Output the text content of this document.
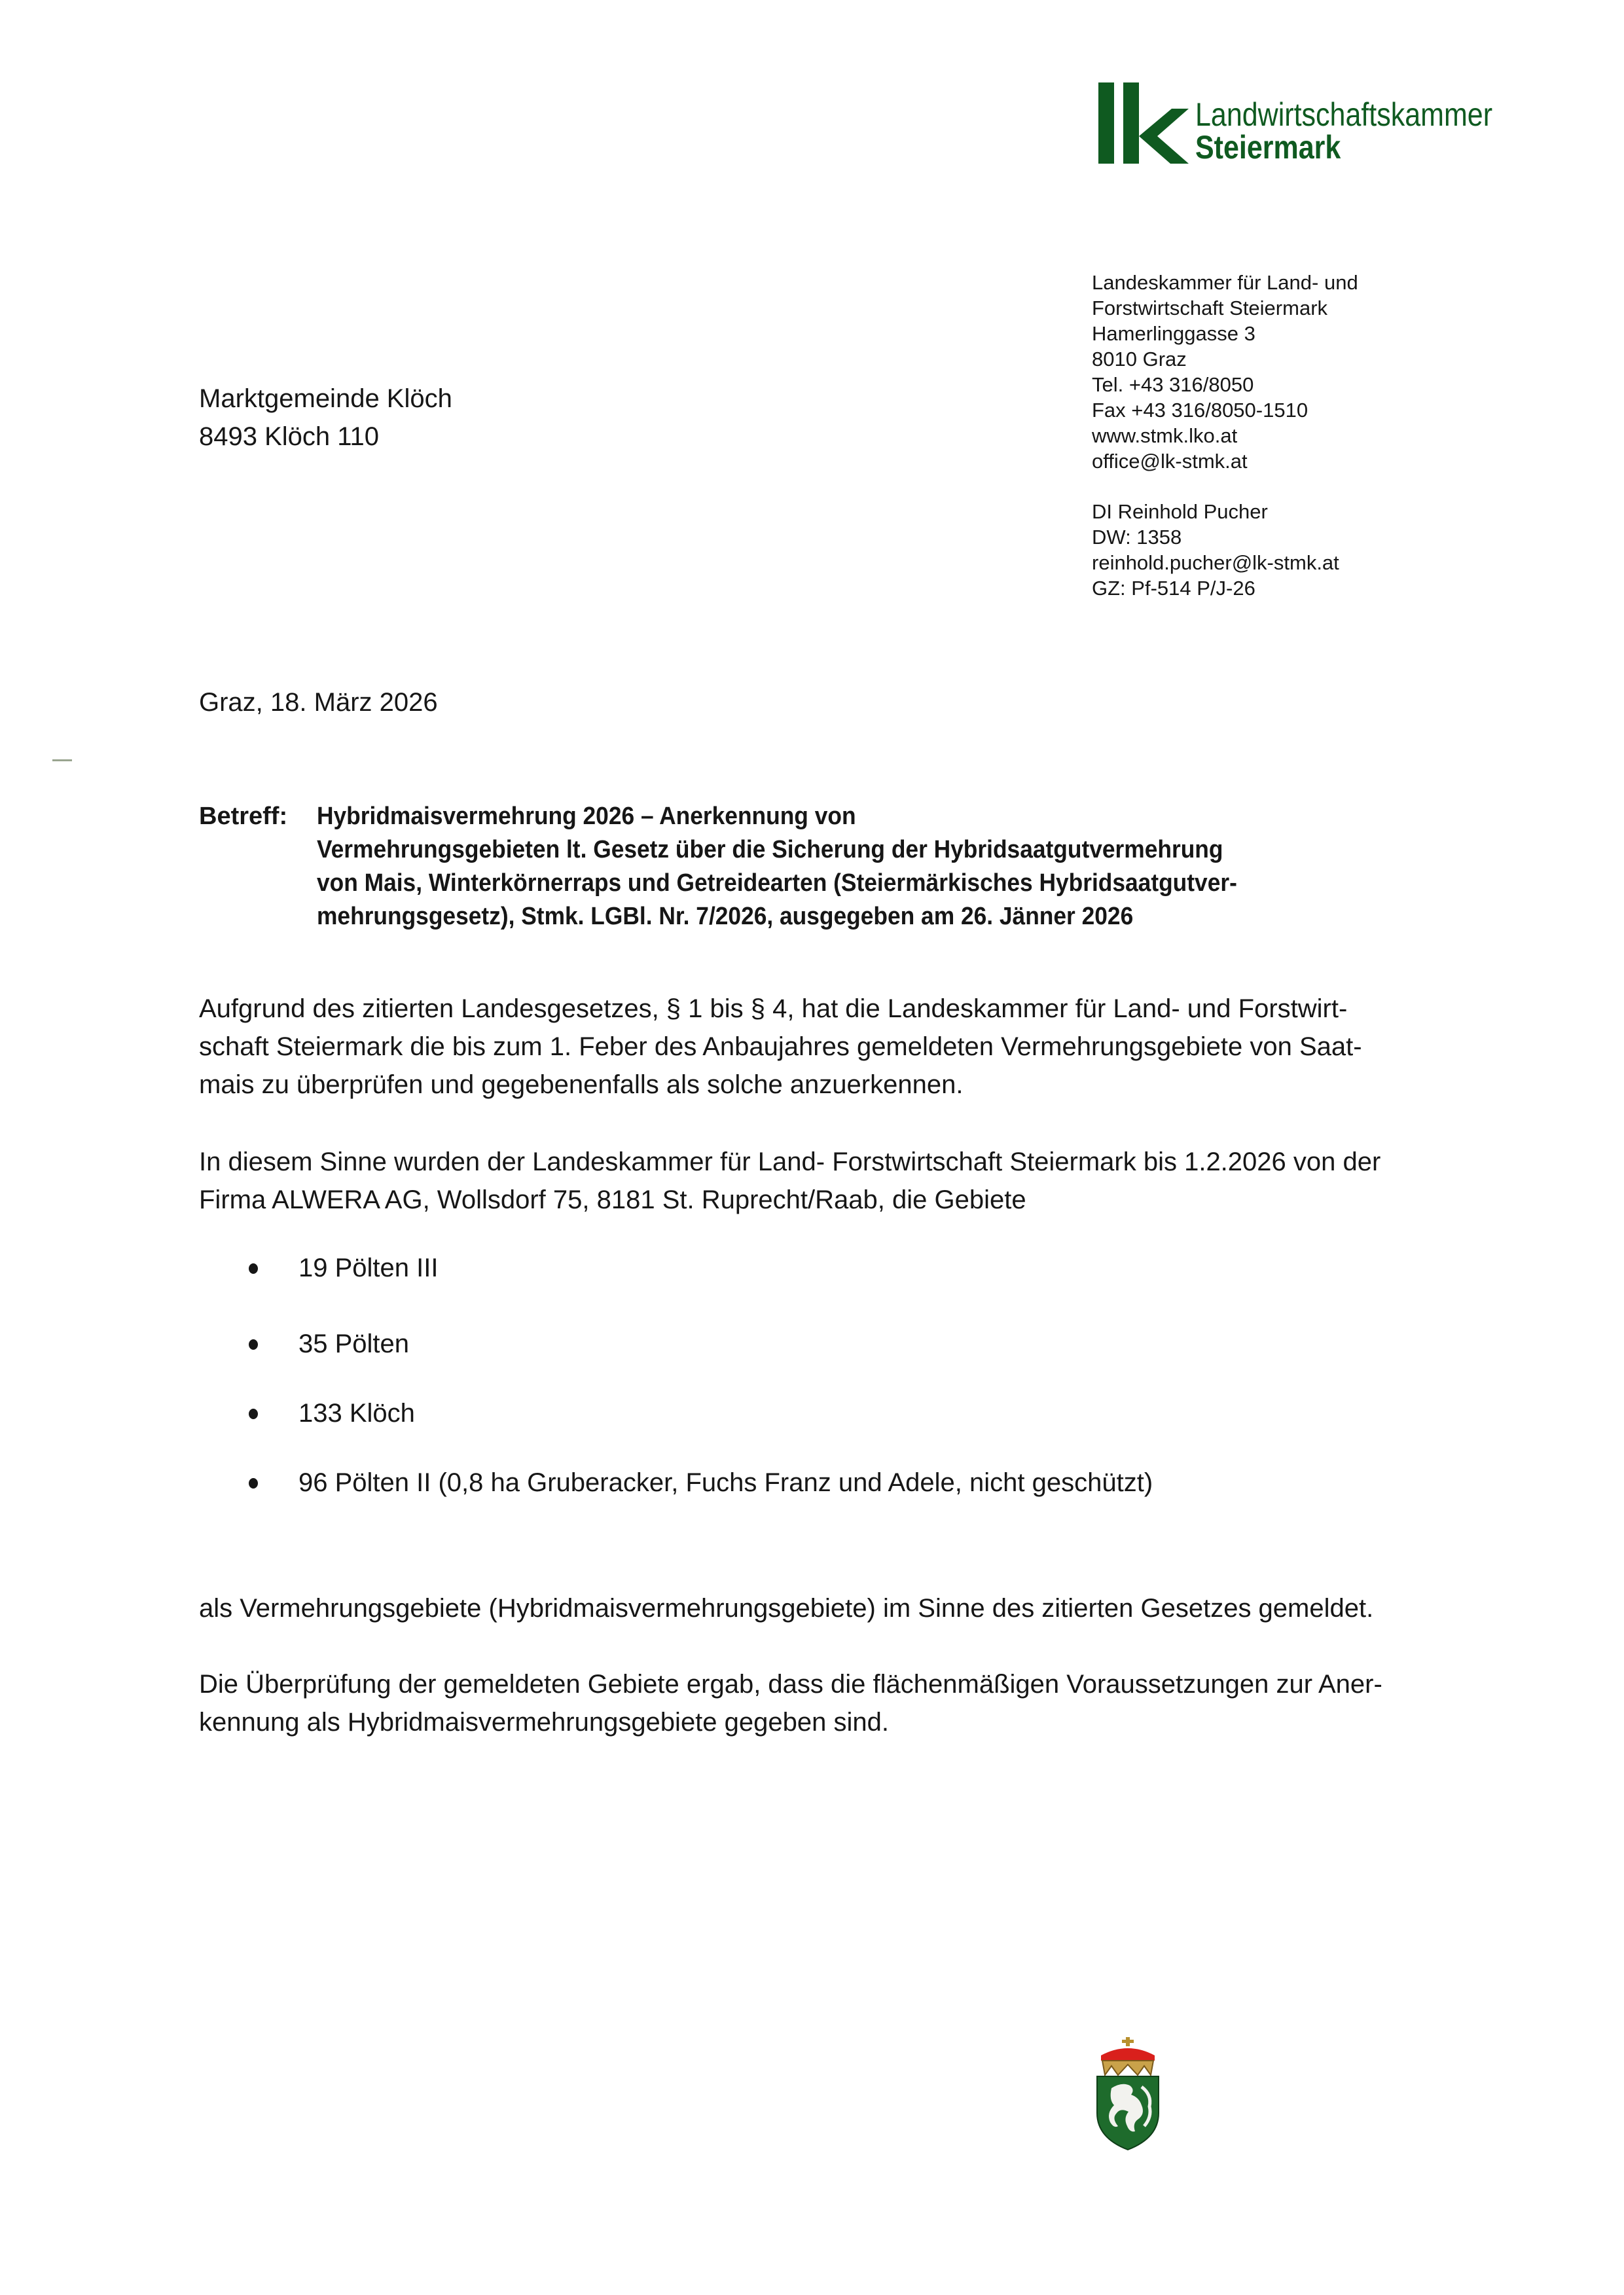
Landwirtschaftskammer
Steiermark
Landeskammer für Land- und
Forstwirtschaft Steiermark
Hamerlinggasse 3
8010 Graz
Tel. +43 316/8050
Fax +43 316/8050-1510
www.stmk.lko.at
office@lk-stmk.at
DI Reinhold Pucher
DW: 1358
reinhold.pucher@lk-stmk.at
GZ: Pf-514 P/J-26
Marktgemeinde Klöch
8493 Klöch 110
Graz, 18. März 2026
Betreff: Hybridmaisvermehrung 2026 – Anerkennung von
Vermehrungsgebieten lt. Gesetz über die Sicherung der Hybridsaatgutvermehrung
von Mais, Winterkörnerraps und Getreidearten (Steiermärkisches Hybridsaatgutver-
mehrungsgesetz), Stmk. LGBl. Nr. 7/2026, ausgegeben am 26. Jänner 2026
Aufgrund des zitierten Landesgesetzes, § 1 bis § 4, hat die Landeskammer für Land- und Forstwirt-
schaft Steiermark die bis zum 1. Feber des Anbaujahres gemeldeten Vermehrungsgebiete von Saat-
mais zu überprüfen und gegebenenfalls als solche anzuerkennen.
In diesem Sinne wurden der Landeskammer für Land- Forstwirtschaft Steiermark bis 1.2.2026 von der
Firma ALWERA AG, Wollsdorf 75, 8181 St. Ruprecht/Raab, die Gebiete
19 Pölten III
35 Pölten
133 Klöch
96 Pölten II (0,8 ha Gruberacker, Fuchs Franz und Adele, nicht geschützt)
als Vermehrungsgebiete (Hybridmaisvermehrungsgebiete) im Sinne des zitierten Gesetzes gemeldet.
Die Überprüfung der gemeldeten Gebiete ergab, dass die flächenmäßigen Voraussetzungen zur Aner-
kennung als Hybridmaisvermehrungsgebiete gegeben sind.
